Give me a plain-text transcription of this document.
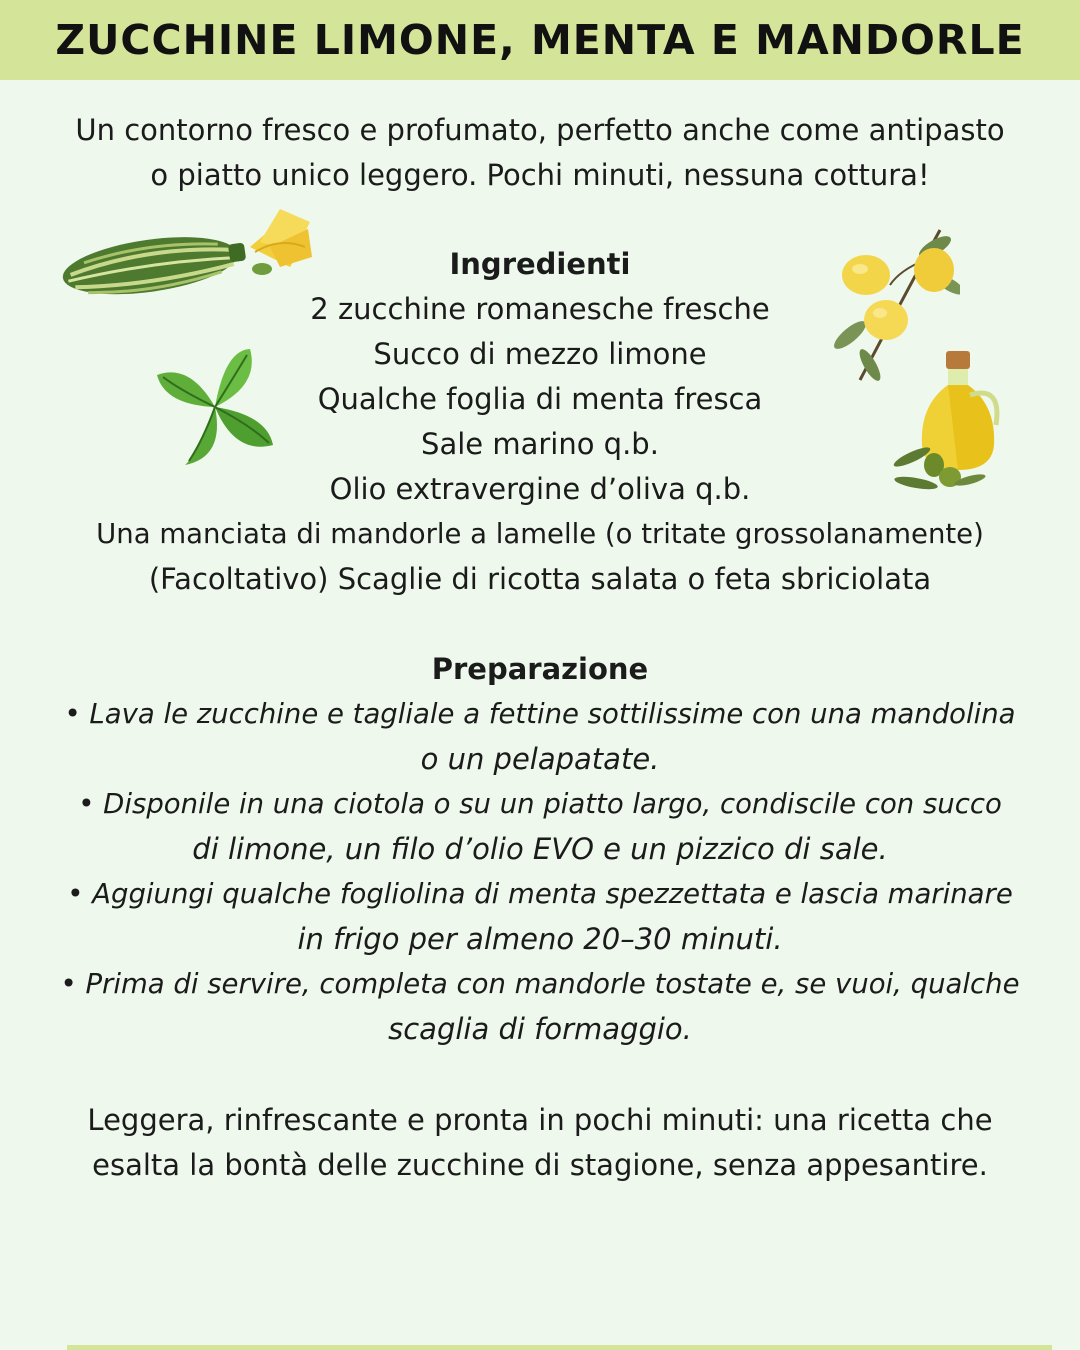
ZUCCHINE LIMONE, MENTA E MANDORLE
Un contorno fresco e profumato, perfetto anche come antipasto
o piatto unico leggero. Pochi minuti, nessuna cottura!
Ingredienti
2 zucchine romanesche fresche
Succo di mezzo limone
Qualche foglia di menta fresca
Sale marino q.b.
Olio extravergine d’oliva q.b.
Una manciata di mandorle a lamelle (o tritate grossolanamente)
(Facoltativo) Scaglie di ricotta salata o feta sbriciolata
Preparazione
• Lava le zucchine e tagliale a fettine sottilissime con una mandolina
o un pelapatate.
• Disponile in una ciotola o su un piatto largo, condiscile con succo
di limone, un filo d’olio EVO e un pizzico di sale.
• Aggiungi qualche fogliolina di menta spezzettata e lascia marinare
in frigo per almeno 20–30 minuti.
• Prima di servire, completa con mandorle tostate e, se vuoi, qualche
scaglia di formaggio.
Leggera, rinfrescante e pronta in pochi minuti: una ricetta che
esalta la bontà delle zucchine di stagione, senza appesantire.
